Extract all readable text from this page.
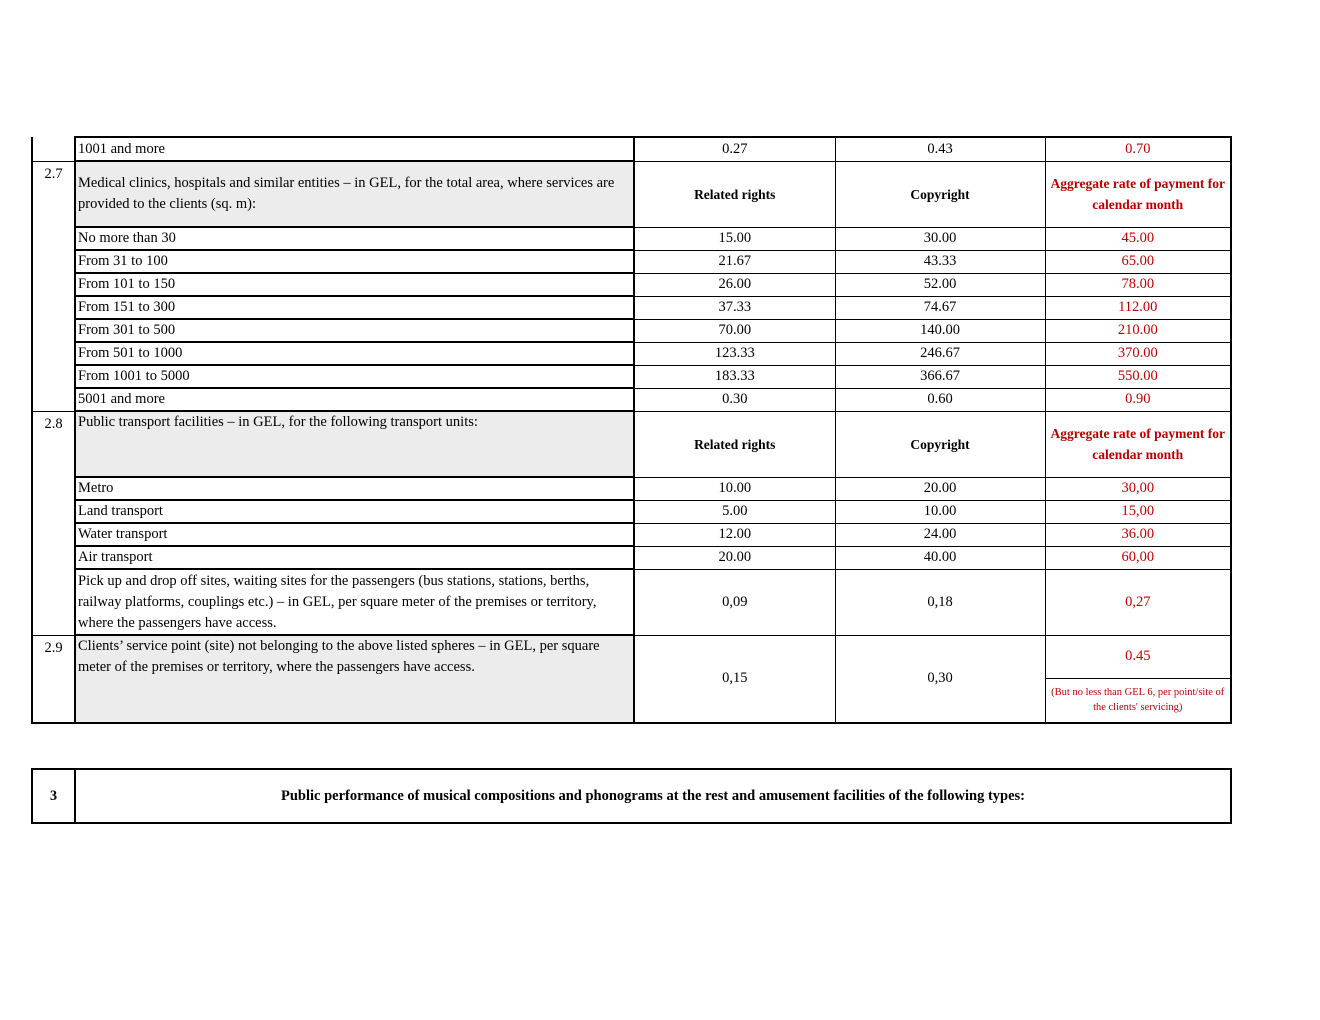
	1001 and more	0.27	0.43	0.70
2.7	Medical clinics, hospitals and similar entities – in GEL, for the total area, where services are provided to the clients (sq. m):	Related rights	Copyright	Aggregate rate of payment for calendar month
	No more than 30	15.00	30.00	45.00
	From 31 to 100	21.67	43.33	65.00
	From 101 to 150	26.00	52.00	78.00
	From 151 to 300	37.33	74.67	112.00
	From 301 to 500	70.00	140.00	210.00
	From 501 to 1000	123.33	246.67	370.00
	From 1001 to 5000	183.33	366.67	550.00
	5001 and more	0.30	0.60	0.90
2.8	Public transport facilities – in GEL, for the following transport units:	Related rights	Copyright	Aggregate rate of payment for calendar month
	Metro	10.00	20.00	30,00
	Land transport	5.00	10.00	15,00
	Water transport	12.00	24.00	36.00
	Air transport	20.00	40.00	60,00
	Pick up and drop off sites, waiting sites for the passengers (bus stations, stations, berths, railway platforms, couplings etc.) – in GEL, per square meter of the premises or territory, where the passengers have access.	0,09	0,18	0,27
2.9	Clients’ service point (site) not belonging to the above listed spheres – in GEL, per square meter of the premises or territory, where the passengers have access.	0,15	0,30	0.45
				(But no less than GEL 6, per point/site of the clients' servicing)
3	Public performance of musical compositions and phonograms at the rest and amusement facilities of the following types:
